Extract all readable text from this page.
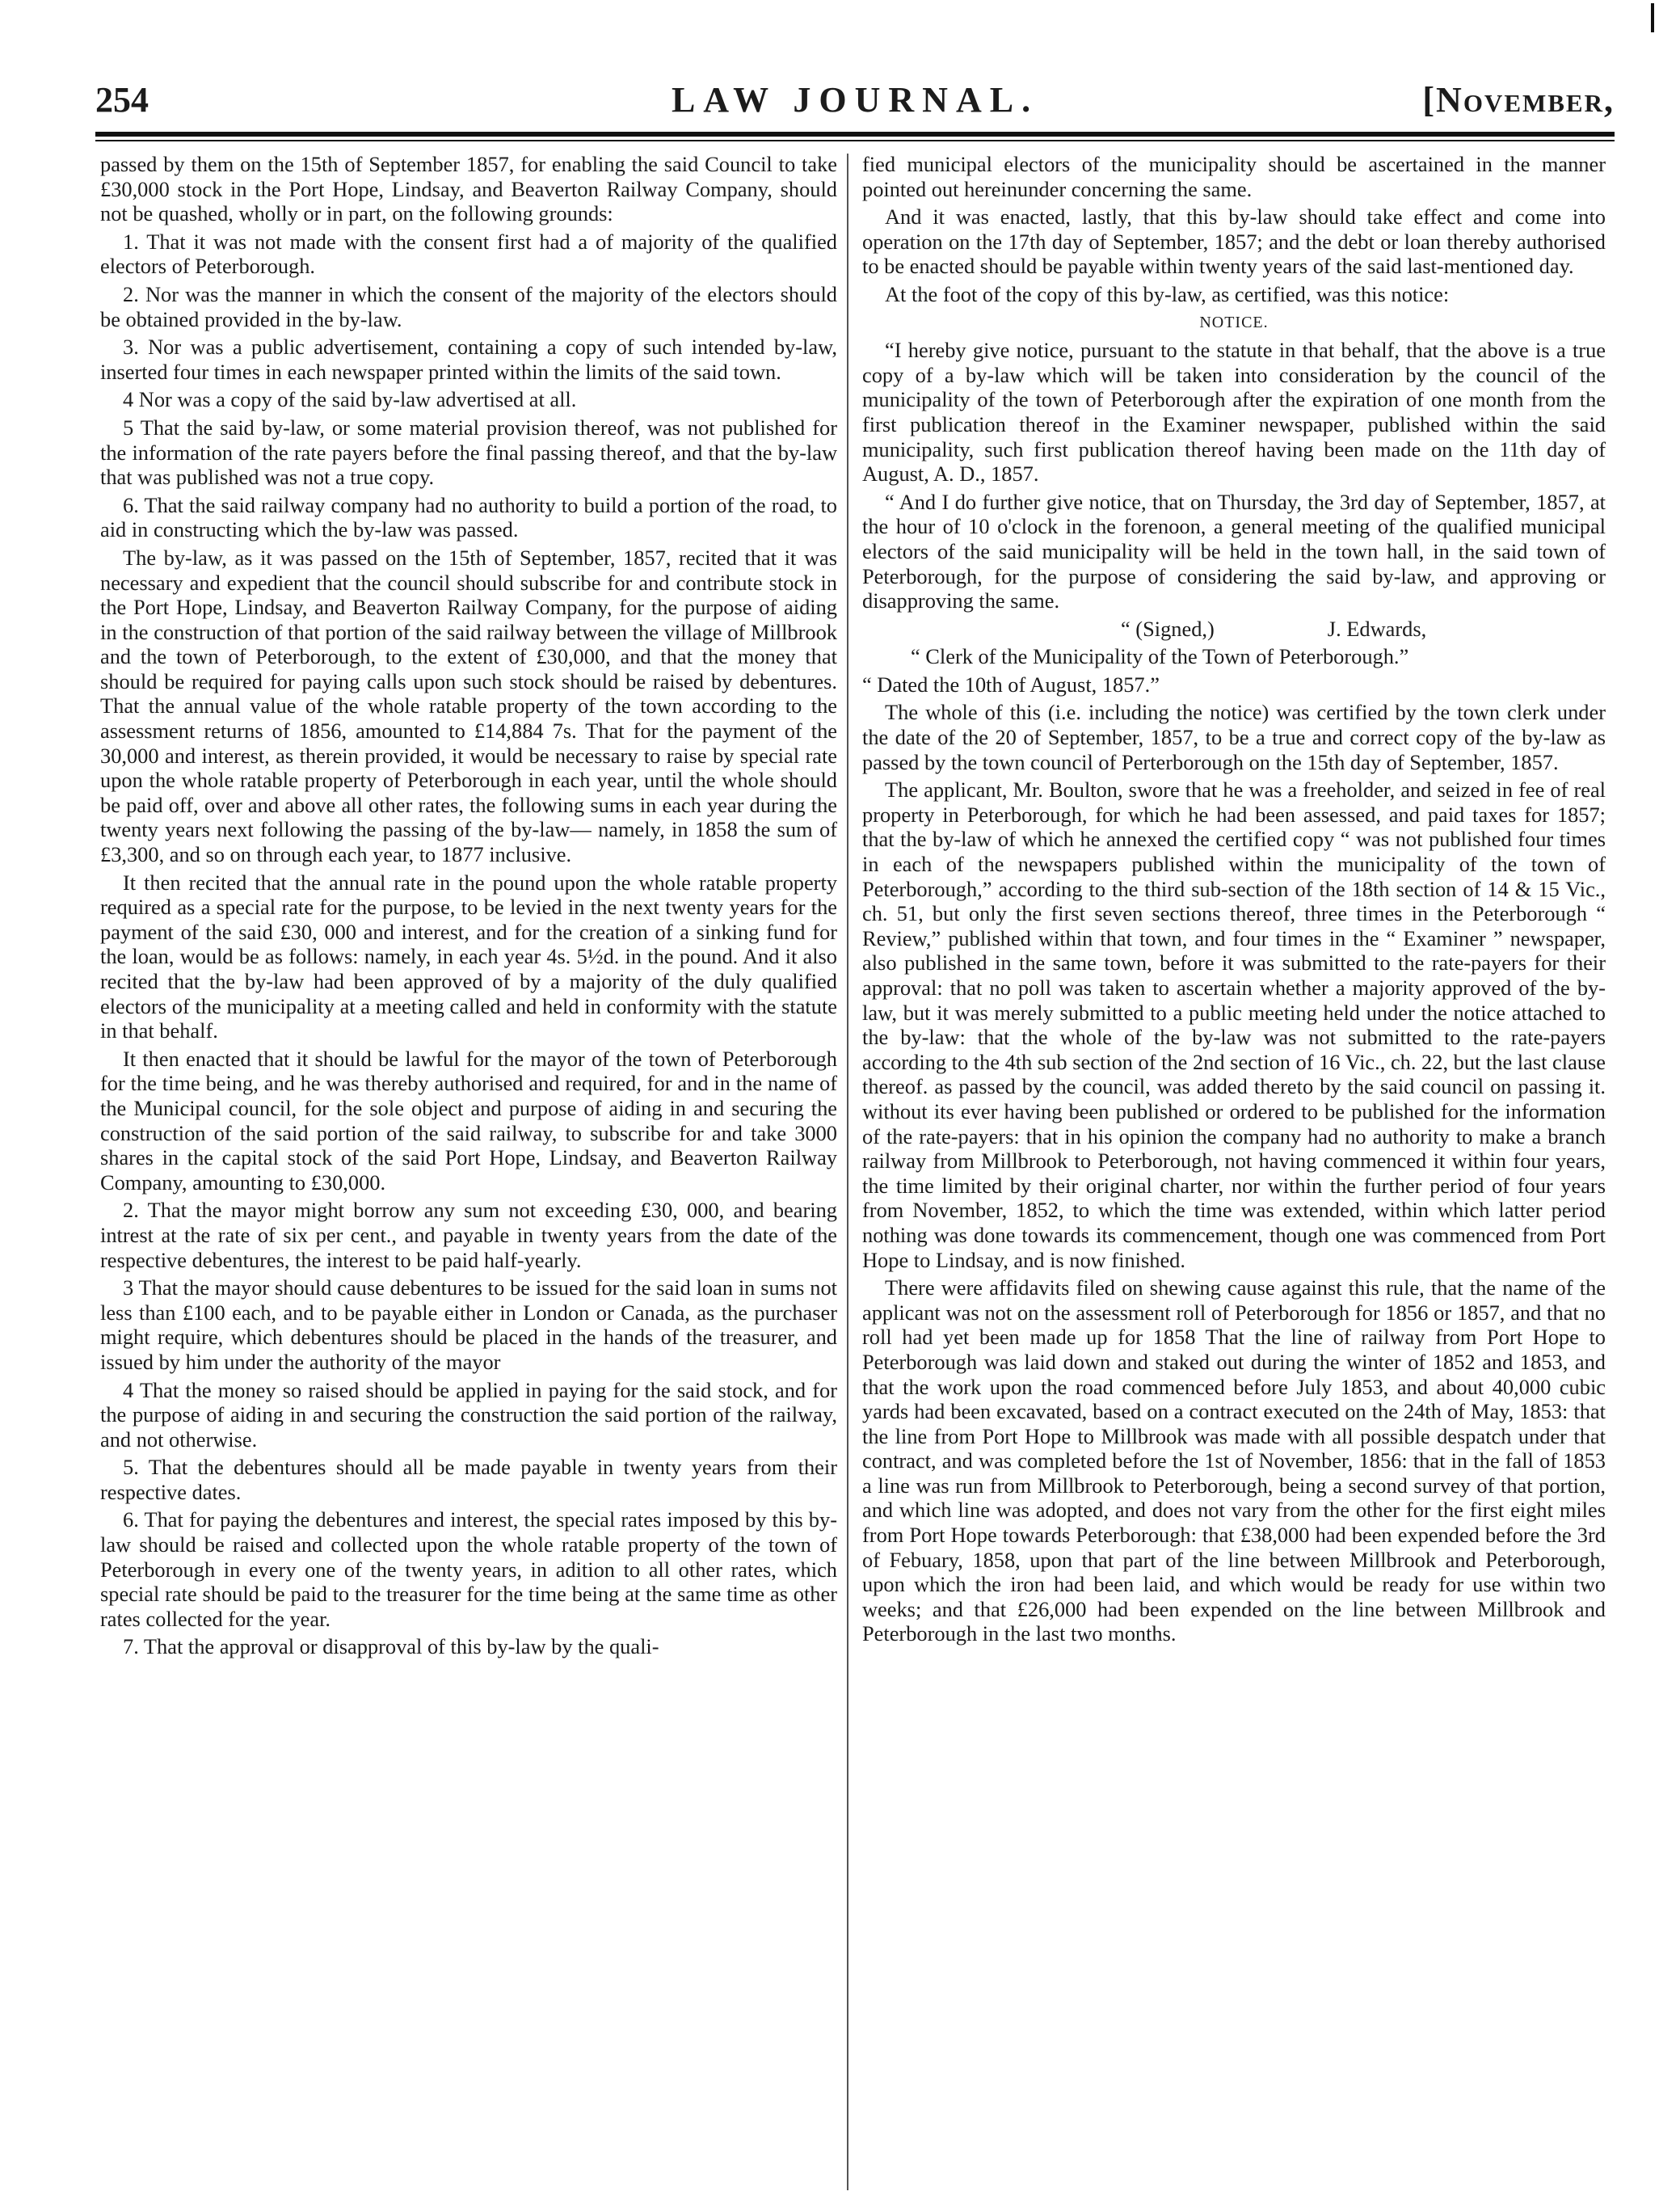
254	LAW JOURNAL.	[November,

passed by them on the 15th of September 1857, for enabling the said Council to take £30,000 stock in the Port Hope, Lindsay, and Beaverton Railway Company, should not be quashed, wholly or in part, on the following grounds:

1. That it was not made with the consent first had a of majority of the qualified electors of Peterborough.

2. Nor was the manner in which the consent of the majority of the electors should be obtained provided in the by-law.

3. Nor was a public advertisement, containing a copy of such intended by-law, inserted four times in each newspaper printed within the limits of the said town.

4 Nor was a copy of the said by-law advertised at all.

5 That the said by-law, or some material provision thereof, was not published for the information of the rate payers before the final passing thereof, and that the by-law that was published was not a true copy.

6. That the said railway company had no authority to build a portion of the road, to aid in constructing which the by-law was passed.

The by-law, as it was passed on the 15th of September, 1857, recited that it was necessary and expedient that the council should subscribe for and contribute stock in the Port Hope, Lindsay, and Beaverton Railway Company, for the purpose of aiding in the construction of that portion of the said railway between the village of Millbrook and the town of Peterborough, to the extent of £30,000, and that the money that should be required for paying calls upon such stock should be raised by debentures. That the annual value of the whole ratable property of the town according to the assessment returns of 1856, amounted to £14,884 7s. That for the payment of the 30,000 and interest, as therein provided, it would be necessary to raise by special rate upon the whole ratable property of Peterborough in each year, until the whole should be paid off, over and above all other rates, the following sums in each year during the twenty years next following the passing of the by-law— namely, in 1858 the sum of £3,300, and so on through each year, to 1877 inclusive.

It then recited that the annual rate in the pound upon the whole ratable property required as a special rate for the purpose, to be levied in the next twenty years for the payment of the said £30, 000 and interest, and for the creation of a sinking fund for the loan, would be as follows: namely, in each year 4s. 5½d. in the pound. And it also recited that the by-law had been approved of by a majority of the duly qualified electors of the municipality at a meeting called and held in conformity with the statute in that behalf.

It then enacted that it should be lawful for the mayor of the town of Peterborough for the time being, and he was thereby authorised and required, for and in the name of the Municipal council, for the sole object and purpose of aiding in and securing the construction of the said portion of the said railway, to subscribe for and take 3000 shares in the capital stock of the said Port Hope, Lindsay, and Beaverton Railway Company, amounting to £30,000.

2. That the mayor might borrow any sum not exceeding £30, 000, and bearing intrest at the rate of six per cent., and payable in twenty years from the date of the respective debentures, the interest to be paid half-yearly.

3 That the mayor should cause debentures to be issued for the said loan in sums not less than £100 each, and to be payable either in London or Canada, as the purchaser might require, which debentures should be placed in the hands of the treasurer, and issued by him under the authority of the mayor

4 That the money so raised should be applied in paying for the said stock, and for the purpose of aiding in and securing the construction the said portion of the railway, and not otherwise.

5. That the debentures should all be made payable in twenty years from their respective dates.

6. That for paying the debentures and interest, the special rates imposed by this by-law should be raised and collected upon the whole ratable property of the town of Peterborough in every one of the twenty years, in adition to all other rates, which special rate should be paid to the treasurer for the time being at the same time as other rates collected for the year.

7. That the approval or disapproval of this by-law by the quali-

fied municipal electors of the municipality should be ascertained in the manner pointed out hereinunder concerning the same.

And it was enacted, lastly, that this by-law should take effect and come into operation on the 17th day of September, 1857; and the debt or loan thereby authorised to be enacted should be payable within twenty years of the said last-mentioned day.

At the foot of the copy of this by-law, as certified, was this notice:

NOTICE.

“I hereby give notice, pursuant to the statute in that behalf, that the above is a true copy of a by-law which will be taken into consideration by the council of the municipality of the town of Peterborough after the expiration of one month from the first publication thereof in the Examiner newspaper, published within the said municipality, such first publication thereof having been made on the 11th day of August, A. D., 1857.

“ And I do further give notice, that on Thursday, the 3rd day of September, 1857, at the hour of 10 o'clock in the forenoon, a general meeting of the qualified municipal electors of the said municipality will be held in the town hall, in the said town of Peterborough, for the purpose of considering the said by-law, and approving or disapproving the same.

“ (Signed,)	J. Edwards,

“ Clerk of the Municipality of the Town of Peterborough.”

“ Dated the 10th of August, 1857.”

The whole of this (i.e. including the notice) was certified by the town clerk under the date of the 20 of September, 1857, to be a true and correct copy of the by-law as passed by the town council of Perterborough on the 15th day of September, 1857.

The applicant, Mr. Boulton, swore that he was a freeholder, and seized in fee of real property in Peterborough, for which he had been assessed, and paid taxes for 1857; that the by-law of which he annexed the certified copy “ was not published four times in each of the newspapers published within the municipality of the town of Peterborough,” according to the third sub-section of the 18th section of 14 & 15 Vic., ch. 51, but only the first seven sections thereof, three times in the Peterborough “ Review,” published within that town, and four times in the “ Examiner ” newspaper, also published in the same town, before it was submitted to the rate-payers for their approval: that no poll was taken to ascertain whether a majority approved of the by-law, but it was merely submitted to a public meeting held under the notice attached to the by-law: that the whole of the by-law was not submitted to the rate-payers according to the 4th sub section of the 2nd section of 16 Vic., ch. 22, but the last clause thereof. as passed by the council, was added thereto by the said council on passing it. without its ever having been published or ordered to be published for the information of the rate-payers: that in his opinion the company had no authority to make a branch railway from Millbrook to Peterborough, not having commenced it within four years, the time limited by their original charter, nor within the further period of four years from November, 1852, to which the time was extended, within which latter period nothing was done towards its commencement, though one was commenced from Port Hope to Lindsay, and is now finished.

There were affidavits filed on shewing cause against this rule, that the name of the applicant was not on the assessment roll of Peterborough for 1856 or 1857, and that no roll had yet been made up for 1858 That the line of railway from Port Hope to Peterborough was laid down and staked out during the winter of 1852 and 1853, and that the work upon the road commenced before July 1853, and about 40,000 cubic yards had been excavated, based on a contract executed on the 24th of May, 1853: that the line from Port Hope to Millbrook was made with all possible despatch under that contract, and was completed before the 1st of November, 1856: that in the fall of 1853 a line was run from Millbrook to Peterborough, being a second survey of that portion, and which line was adopted, and does not vary from the other for the first eight miles from Port Hope towards Peterborough: that £38,000 had been expended before the 3rd of Febuary, 1858, upon that part of the line between Millbrook and Peterborough, upon which the iron had been laid, and which would be ready for use within two weeks; and that £26,000 had been expended on the line between Millbrook and Peterborough in the last two months.
